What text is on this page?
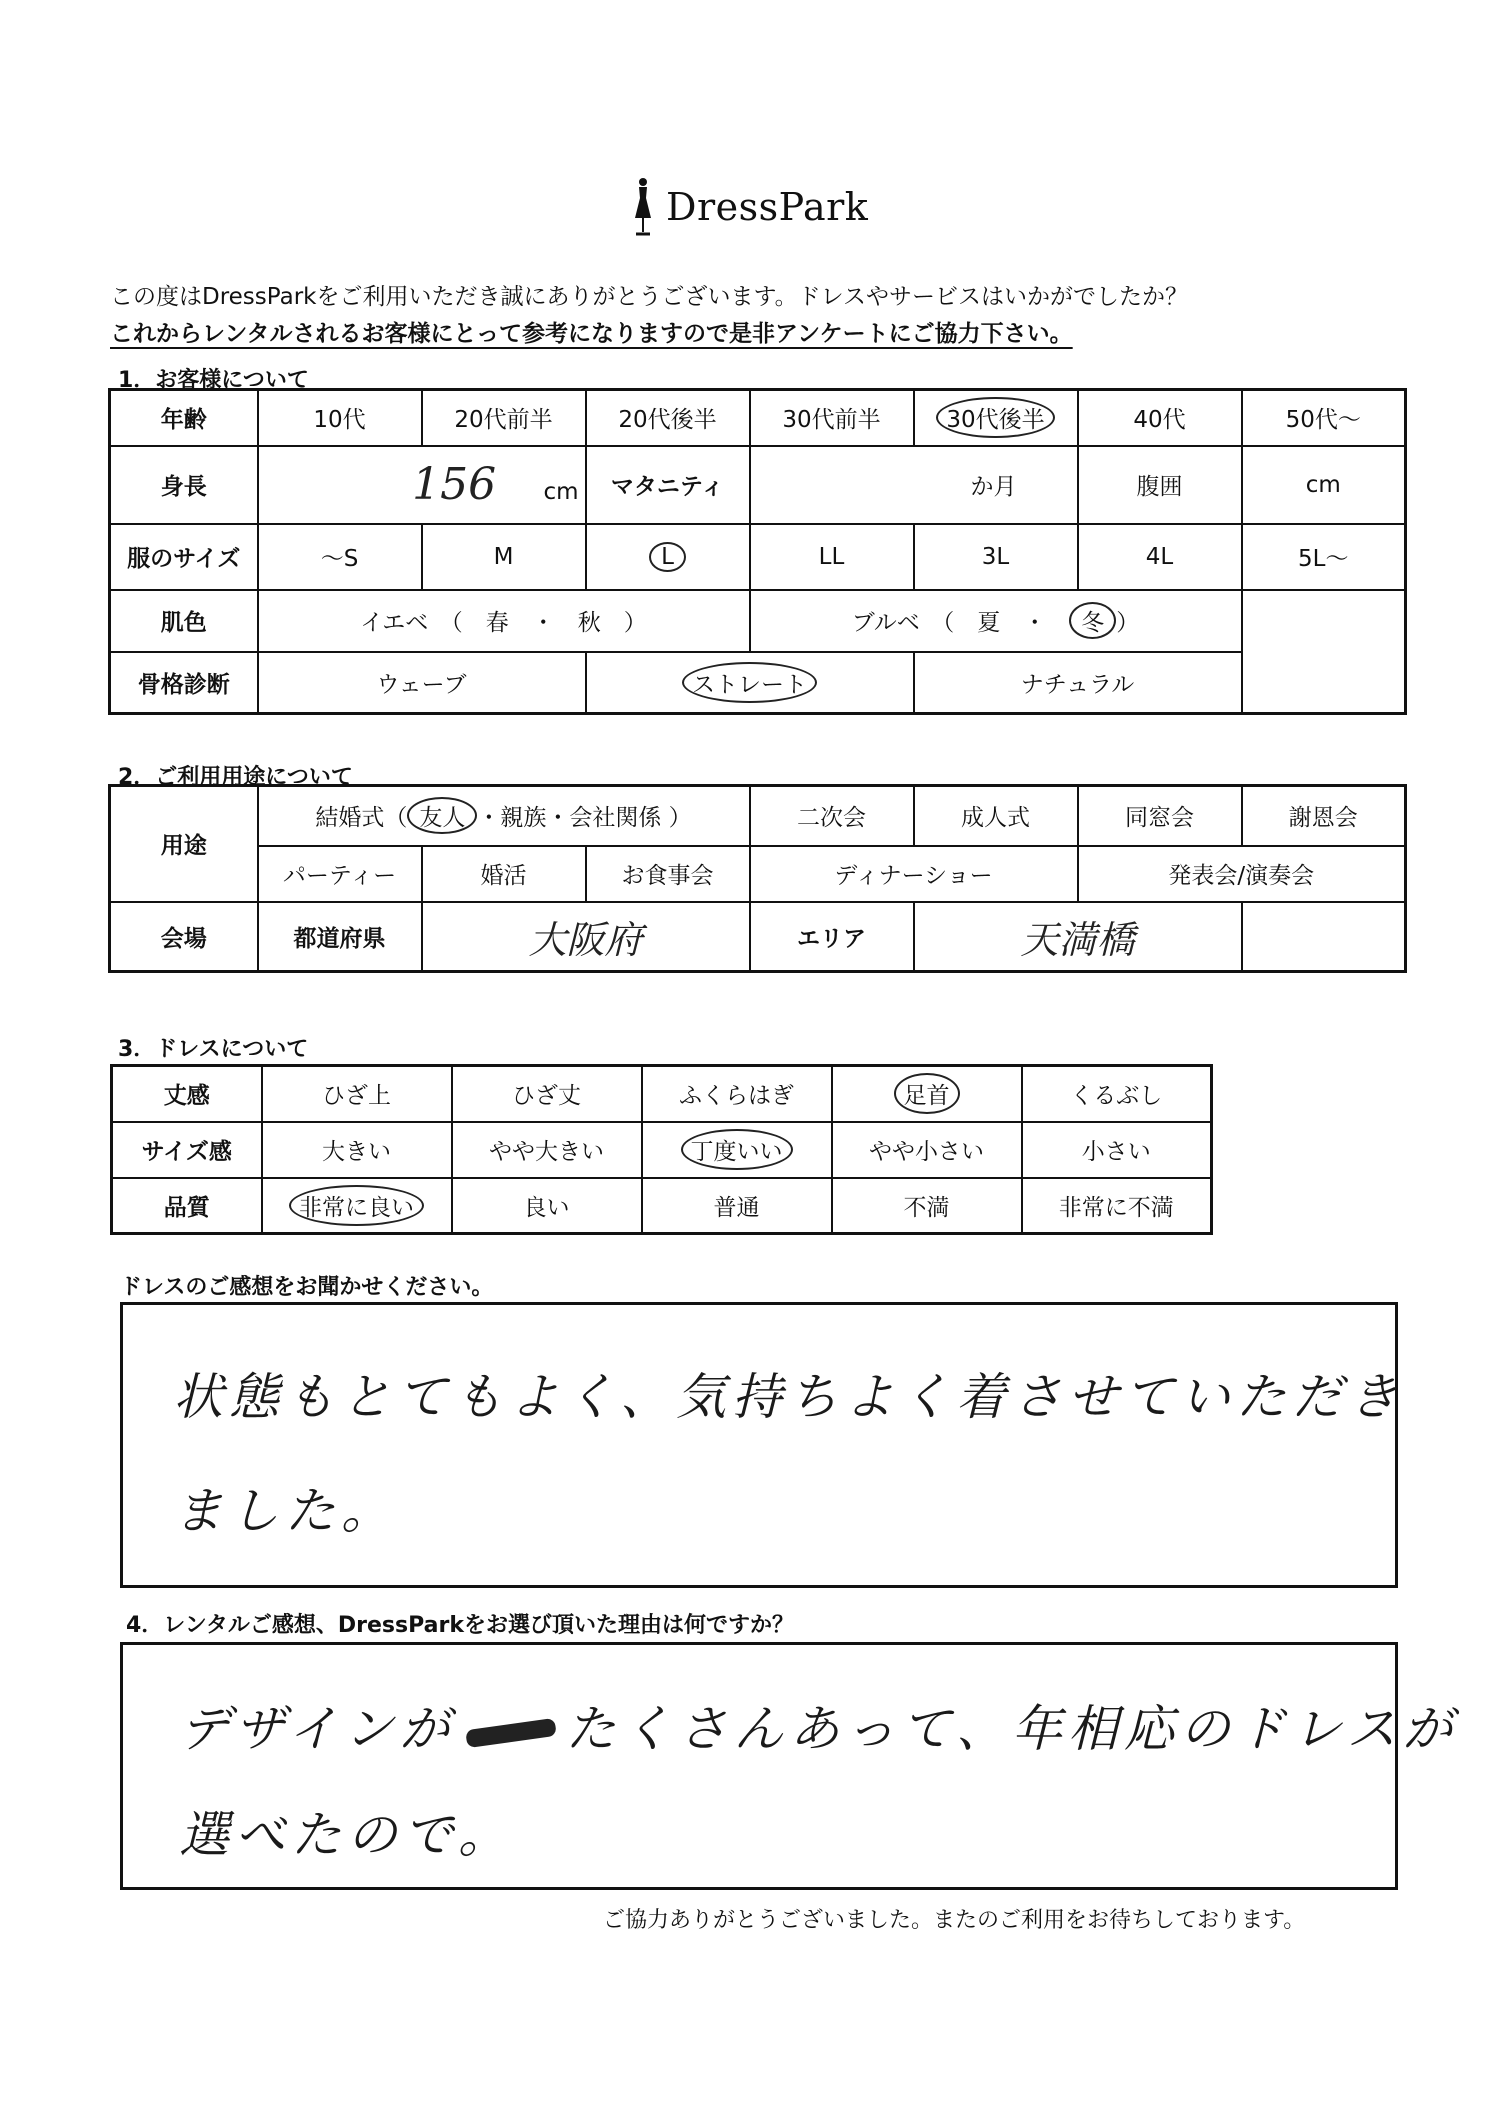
DressPark
この度はDressParkをご利用いただき誠にありがとうございます。ドレスやサービスはいかがでしたか？
これからレンタルされるお客様にとって参考になりますので是非アンケートにご協力下さい。
1．お客様について
年齢	10代	20代前半	20代後半	30代前半	30代後半	40代	50代～
身長	156 cm		マタニティ	か月		腹囲	cm
服のサイズ	～S	M	L	LL	3L	4L	5L～
肌色	イエベ　（　春　・　秋　）			ブルベ　（　夏　・　冬 ）			
骨格診断	ウェーブ		ストレート		ナチュラル		
2．ご利用用途について
用途	結婚式（ 友人 ・親族・会社関係 ）			二次会	成人式	同窓会	謝恩会
	パーティー	婚活	お食事会	ディナーショー		発表会/演奏会	
会場	都道府県	大阪府		エリア	天満橋		
3．ドレスについて
丈感	ひざ上	ひざ丈	ふくらはぎ	足首	くるぶし
サイズ感	大きい	やや大きい	丁度いい	やや小さい	小さい
品質	非常に良い	良い	普通	不満	非常に不満
ドレスのご感想をお聞かせください。
状態もとてもよく、気持ちよく着させていただき
ました。
4．レンタルご感想、DressParkをお選び頂いた理由は何ですか？
デザインが たくさんあって、年相応のドレスが
選べたので。
ご協力ありがとうございました。またのご利用をお待ちしております。
